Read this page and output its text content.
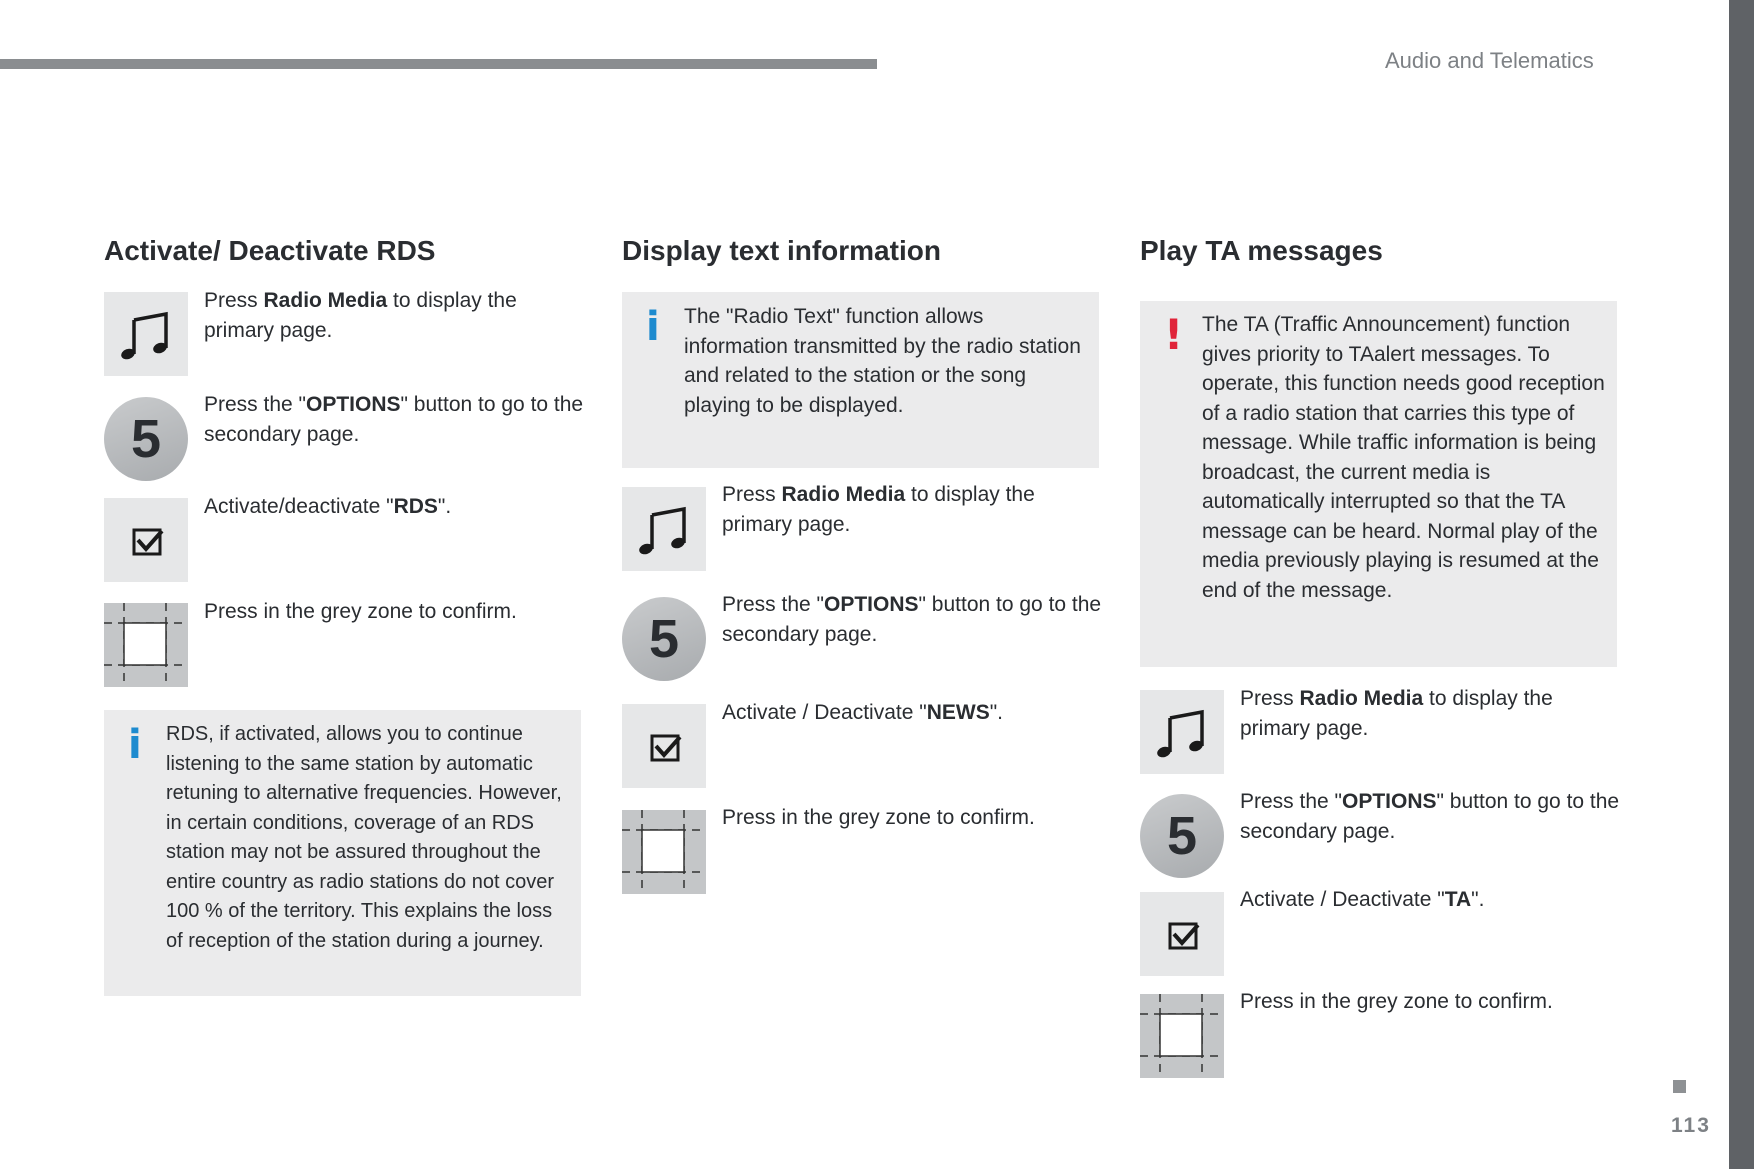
Audio and Telematics
113
Activate/ Deactivate RDS
Press Radio Media to display the primary page.
5
Press the "OPTIONS" button to go to the secondary page.
Activate/deactivate "RDS".
Press in the grey zone to confirm.
i RDS, if activated, allows you to continue listening to the same station by automatic retuning to alternative frequencies. However, in certain conditions, coverage of an RDS station may not be assured throughout the entire country as radio stations do not cover 100 % of the territory. This explains the loss of reception of the station during a journey.
Display text information
i The "Radio Text" function allows information transmitted by the radio station and related to the station or the song playing to be displayed.
Press Radio Media to display the primary page.
5
Press the "OPTIONS" button to go to the secondary page.
Activate / Deactivate "NEWS".
Press in the grey zone to confirm.
Play TA messages
! The TA (Traffic Announcement) function gives priority to TAalert messages. To operate, this function needs good reception of a radio station that carries this type of message. While traffic information is being broadcast, the current media is automatically interrupted so that the TA message can be heard. Normal play of the media previously playing is resumed at the end of the message.
Press Radio Media to display the primary page.
5
Press the "OPTIONS" button to go to the secondary page.
Activate / Deactivate "TA".
Press in the grey zone to confirm.
